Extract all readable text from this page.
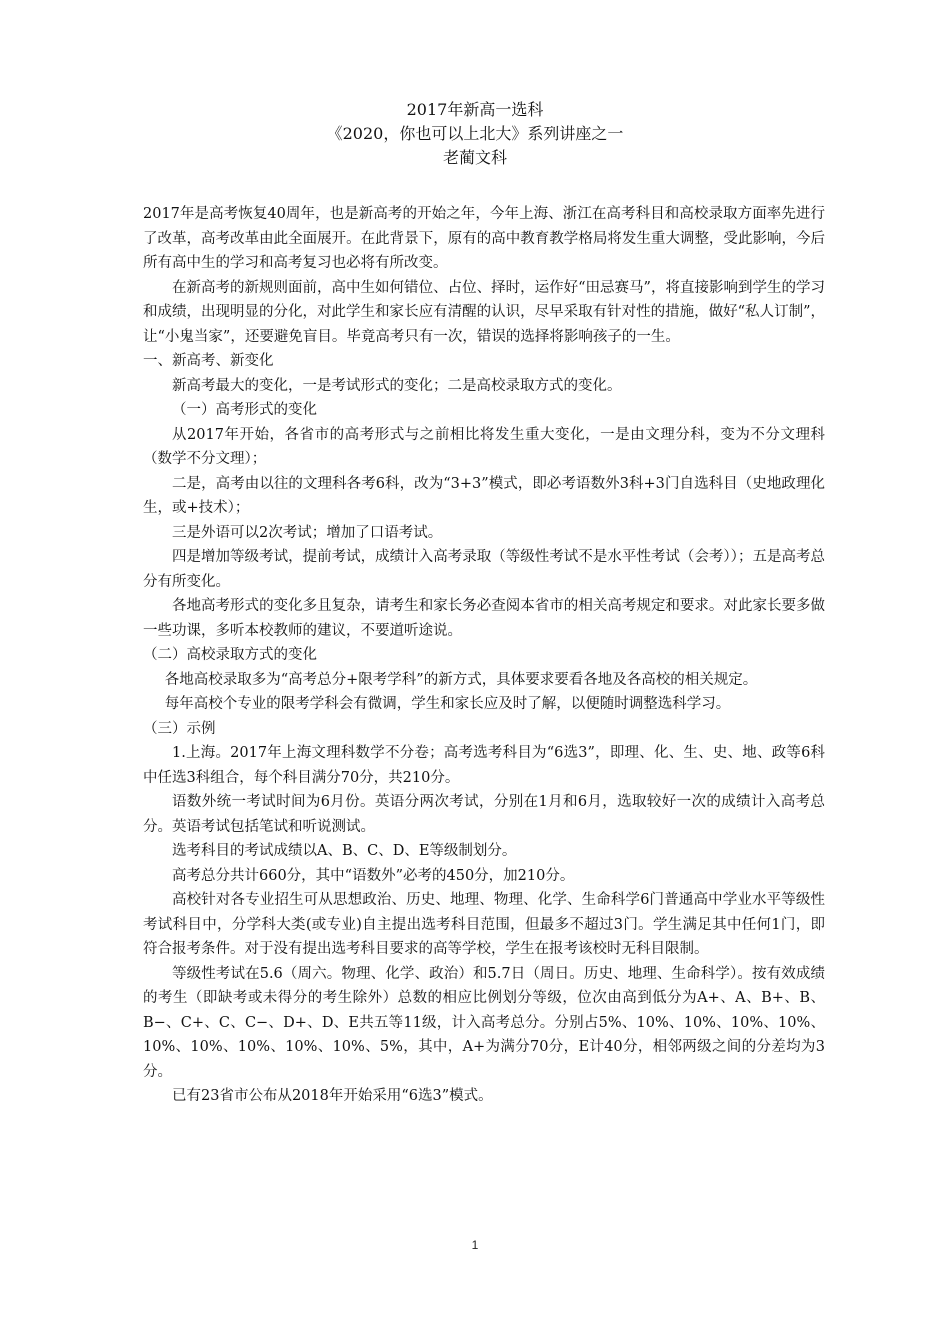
2017年新高一选科
《2020，你也可以上北大》系列讲座之一
老蔺文科

2017年是高考恢复40周年，也是新高考的开始之年，今年上海、浙江在高考科目和高校录取方面率先进行了改革，高考改革由此全面展开。在此背景下，原有的高中教育教学格局将发生重大调整，受此影响，今后所有高中生的学习和高考复习也必将有所改变。

在新高考的新规则面前，高中生如何错位、占位、择时，运作好“田忌赛马”，将直接影响到学生的学习和成绩，出现明显的分化，对此学生和家长应有清醒的认识，尽早采取有针对性的措施，做好“私人订制”，让“小鬼当家”，还要避免盲目。毕竟高考只有一次，错误的选择将影响孩子的一生。

一、新高考、新变化

新高考最大的变化，一是考试形式的变化；二是高校录取方式的变化。

（一）高考形式的变化

从2017年开始，各省市的高考形式与之前相比将发生重大变化，一是由文理分科，变为不分文理科（数学不分文理）；

二是，高考由以往的文理科各考6科，改为“3+3”模式，即必考语数外3科+3门自选科目（史地政理化生，或+技术）；

三是外语可以2次考试；增加了口语考试。

四是增加等级考试，提前考试，成绩计入高考录取（等级性考试不是水平性考试（会考））；五是高考总分有所变化。

各地高考形式的变化多且复杂，请考生和家长务必查阅本省市的相关高考规定和要求。对此家长要多做一些功课，多听本校教师的建议，不要道听途说。

（二）高校录取方式的变化

各地高校录取多为“高考总分+限考学科”的新方式，具体要求要看各地及各高校的相关规定。

每年高校个专业的限考学科会有微调，学生和家长应及时了解，以便随时调整选科学习。

（三）示例

1.上海。2017年上海文理科数学不分卷；高考选考科目为“6选3”，即理、化、生、史、地、政等6科中任选3科组合，每个科目满分70分，共210分。

语数外统一考试时间为6月份。英语分两次考试，分别在1月和6月，选取较好一次的成绩计入高考总分。英语考试包括笔试和听说测试。

选考科目的考试成绩以A、B、C、D、E等级制划分。

高考总分共计660分，其中“语数外”必考的450分，加210分。

高校针对各专业招生可从思想政治、历史、地理、物理、化学、生命科学6门普通高中学业水平等级性考试科目中，分学科大类(或专业)自主提出选考科目范围，但最多不超过3门。学生满足其中任何1门，即符合报考条件。对于没有提出选考科目要求的高等学校，学生在报考该校时无科目限制。

等级性考试在5.6（周六。物理、化学、政治）和5.7日（周日。历史、地理、生命科学）。按有效成绩的考生（即缺考或未得分的考生除外）总数的相应比例划分等级，位次由高到低分为A+、A、B+、B、B−、C+、C、C−、D+、D、E共五等11级，计入高考总分。分别占5%、10%、10%、10%、10%、10%、10%、10%、10%、10%、5%，其中，A+为满分70分，E计40分，相邻两级之间的分差均为3分。

已有23省市公布从2018年开始采用“6选3”模式。

1
